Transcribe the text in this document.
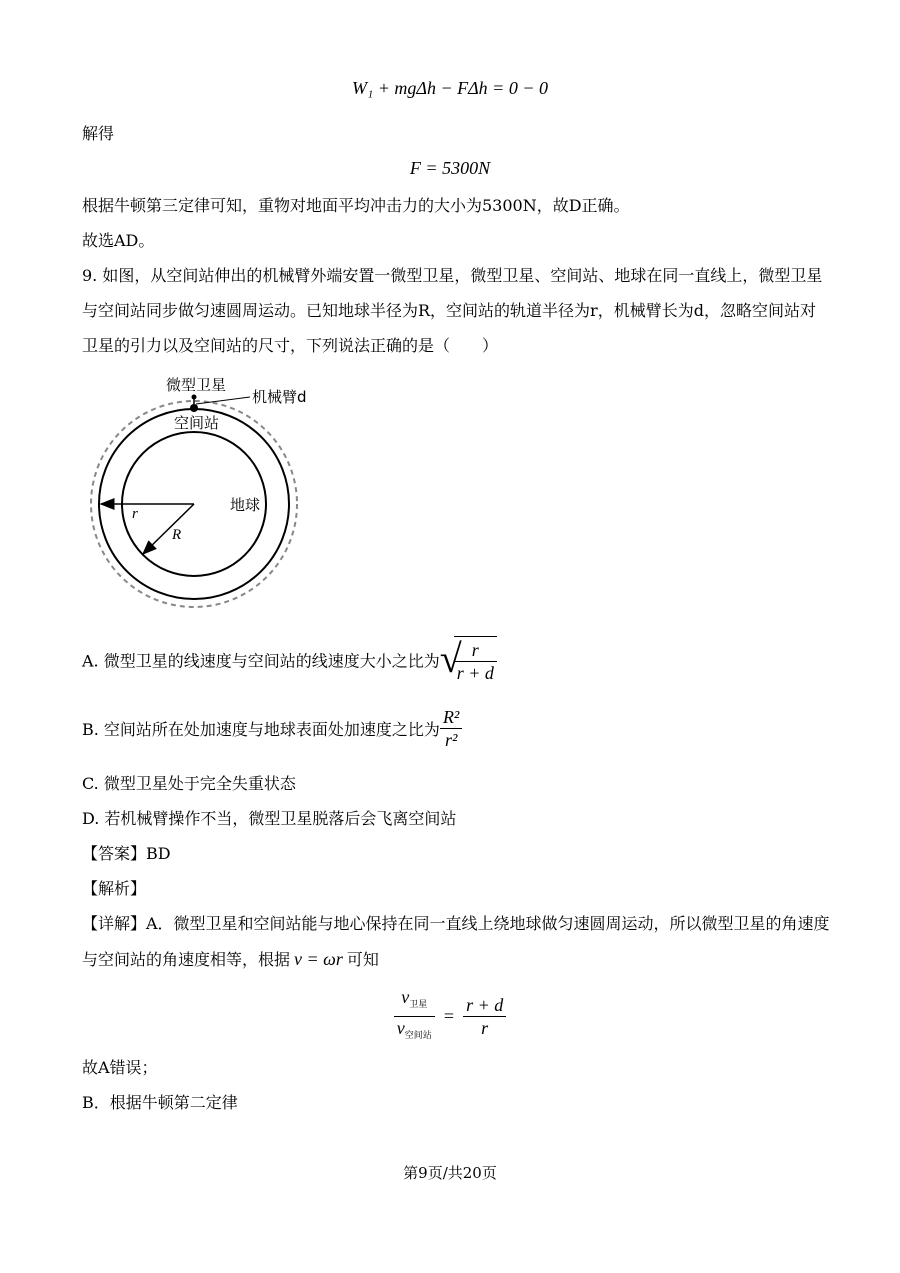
W₁ + mgΔh − FΔh = 0 − 0
解得
F = 5300N
根据牛顿第三定律可知，重物对地面平均冲击力的大小为5300N，故D正确。
故选AD。
9. 如图，从空间站伸出的机械臂外端安置一微型卫星，微型卫星、空间站、地球在同一直线上，微型卫星
与空间站同步做匀速圆周运动。已知地球半径为R，空间站的轨道半径为r，机械臂长为d，忽略空间站对
卫星的引力以及空间站的尺寸，下列说法正确的是（　　）
微型卫星
机械臂d
空间站
地球
r
R
A. 微型卫星的线速度与空间站的线速度大小之比为 √
$\frac{r}{r + d}$
B. 空间站所在处加速度与地球表面处加速度之比为 $\frac{\text{R²}}{\text{r²}}$
C. 微型卫星处于完全失重状态
D. 若机械臂操作不当，微型卫星脱落后会飞离空间站
【答案】BD
【解析】
【详解】A．微型卫星和空间站能与地心保持在同一直线上绕地球做匀速圆周运动，所以微型卫星的角速度
与空间站的角速度相等，根据 v = ωr 可知
$\frac{v_{卫星}}{v_{空间站}} = \frac{r + d}{r}$
故A错误；
B．根据牛顿第二定律
第9页/共20页
